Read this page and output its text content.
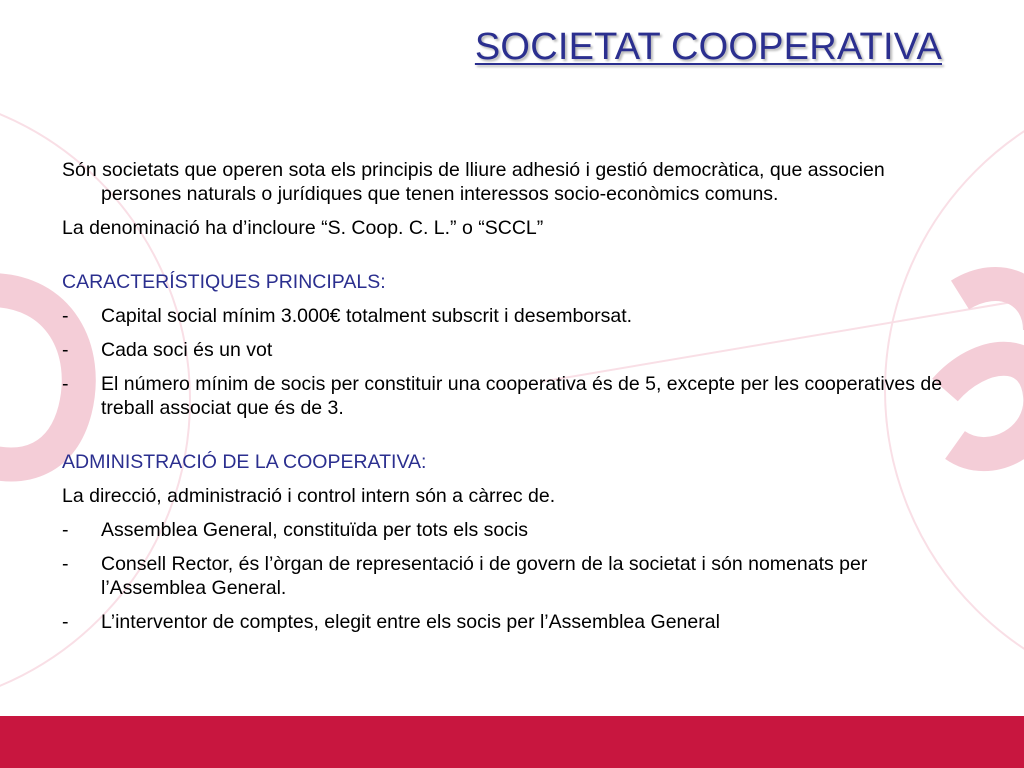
SOCIETAT COOPERATIVA

Són societats que operen sota els principis de lliure adhesió i gestió democràtica, que associen persones naturals o jurídiques que tenen interessos socio-econòmics comuns.

La denominació ha d’incloure “S. Coop. C. L.” o “SCCL”

CARACTERÍSTIQUES PRINCIPALS:

- Capital social mínim 3.000€ totalment subscrit i desemborsat.
- Cada soci és un vot
- El número mínim de socis per constituir una cooperativa és de 5, excepte per les cooperatives de treball associat que és de 3.

ADMINISTRACIÓ DE LA COOPERATIVA:

La direcció, administració i control intern són a càrrec de.

- Assemblea General, constituïda per tots els socis
- Consell Rector, és l’òrgan de representació i de govern de la societat i són nomenats per l’Assemblea General.
- L’interventor de comptes, elegit entre els socis per l’Assemblea General
